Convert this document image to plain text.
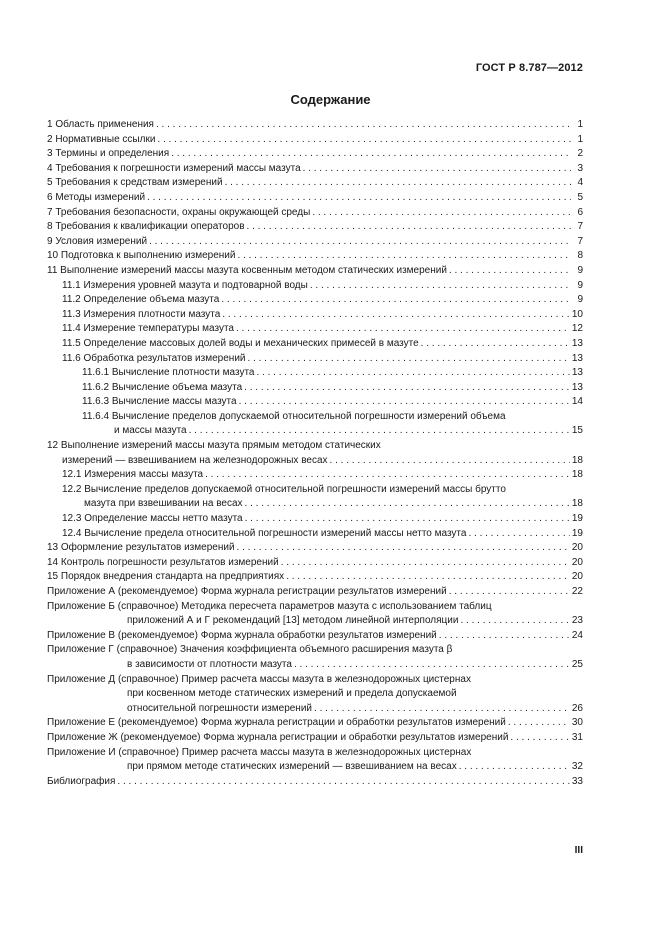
ГОСТ Р 8.787—2012
Содержание
1 Область применения . . .	1
2 Нормативные ссылки . . .	1
3 Термины и определения . . .	2
4 Требования к погрешности измерений массы мазута . . .	3
5 Требования к средствам измерений . . .	4
6 Методы измерений . . .	5
7 Требования безопасности, охраны окружающей среды . . .	6
8 Требования к квалификации операторов . . .	7
9 Условия измерений . . .	7
10 Подготовка к выполнению измерений . . .	8
11 Выполнение измерений массы мазута косвенным методом статических измерений . . .	9
11.1 Измерения уровней мазута и подтоварной воды . . .	9
11.2 Определение объема мазута . . .	9
11.3 Измерения плотности мазута . . .	10
11.4 Измерение температуры мазута . . .	12
11.5 Определение массовых долей воды и механических примесей в мазуте . . .	13
11.6 Обработка результатов измерений . . .	13
11.6.1 Вычисление плотности мазута . . .	13
11.6.2 Вычисление объема мазута . . .	13
11.6.3 Вычисление массы мазута . . .	14
11.6.4 Вычисление пределов допускаемой относительной погрешности измерений объема
и массы мазута . . .	15
12 Выполнение измерений массы мазута прямым методом статических
измерений — взвешиванием на железнодорожных весах . . .	18
12.1 Измерения массы мазута . . .	18
12.2 Вычисление пределов допускаемой относительной погрешности измерений массы брутто
мазута при взвешивании на весах . . .	18
12.3 Определение массы нетто мазута . . .	19
12.4 Вычисление предела относительной погрешности измерений массы нетто мазута . . .	19
13 Оформление результатов измерений . . .	20
14 Контроль погрешности результатов измерений . . .	20
15 Порядок внедрения стандарта на предприятиях . . .	20
Приложение А (рекомендуемое) Форма журнала регистрации результатов измерений . . .	22
Приложение Б (справочное) Методика пересчета параметров мазута с использованием таблиц
приложений А и Г рекомендаций [13] методом линейной интерполяции . . .	23
Приложение В (рекомендуемое) Форма журнала обработки результатов измерений . . .	24
Приложение Г (справочное) Значения коэффициента объемного расширения мазута β
в зависимости от плотности мазута . . .	25
Приложение Д (справочное) Пример расчета массы мазута в железнодорожных цистернах
при косвенном методе статических измерений и предела допускаемой
относительной погрешности измерений . . .	26
Приложение Е (рекомендуемое) Форма журнала регистрации и обработки результатов измерений . . .	30
Приложение Ж (рекомендуемое) Форма журнала регистрации и обработки результатов измерений . . .	31
Приложение И (справочное) Пример расчета массы мазута в железнодорожных цистернах
при прямом методе статических измерений — взвешиванием на весах . . .	32
Библиография . . .	33
III
